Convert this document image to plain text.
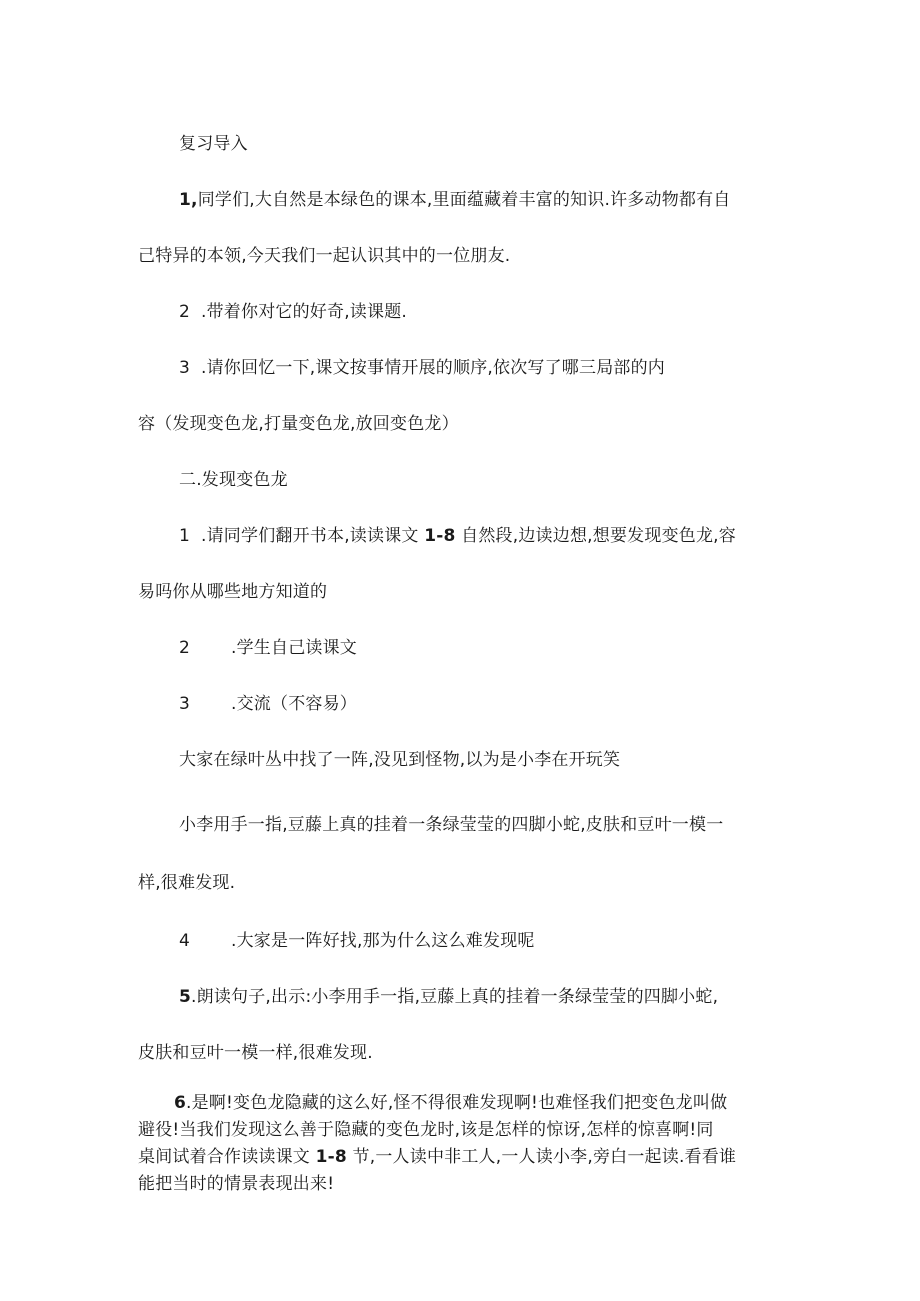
复习导入
1,同学们,大自然是本绿色的课本,里面蕴藏着丰富的知识.许多动物都有自
己特异的本领,今天我们一起认识其中的一位朋友.
2 .带着你对它的好奇,读课题.
3 .请你回忆一下,课文按事情开展的顺序,依次写了哪三局部的内
容（发现变色龙,打量变色龙,放回变色龙）
二.发现变色龙
1 .请同学们翻开书本,读读课文 1-8 自然段,边读边想,想要发现变色龙,容
易吗你从哪些地方知道的
2 .学生自己读课文
3 .交流（不容易）
大家在绿叶丛中找了一阵,没见到怪物,以为是小李在开玩笑
小李用手一指,豆藤上真的挂着一条绿莹莹的四脚小蛇,皮肤和豆叶一模一
样,很难发现.
4 .大家是一阵好找,那为什么这么难发现呢
5.朗读句子,出示:小李用手一指,豆藤上真的挂着一条绿莹莹的四脚小蛇,
皮肤和豆叶一模一样,很难发现.
6.是啊!变色龙隐藏的这么好,怪不得很难发现啊!也难怪我们把变色龙叫做
避役!当我们发现这么善于隐藏的变色龙时,该是怎样的惊讶,怎样的惊喜啊!同
桌间试着合作读读课文 1-8 节,一人读中非工人,一人读小李,旁白一起读.看看谁
能把当时的情景表现出来!
